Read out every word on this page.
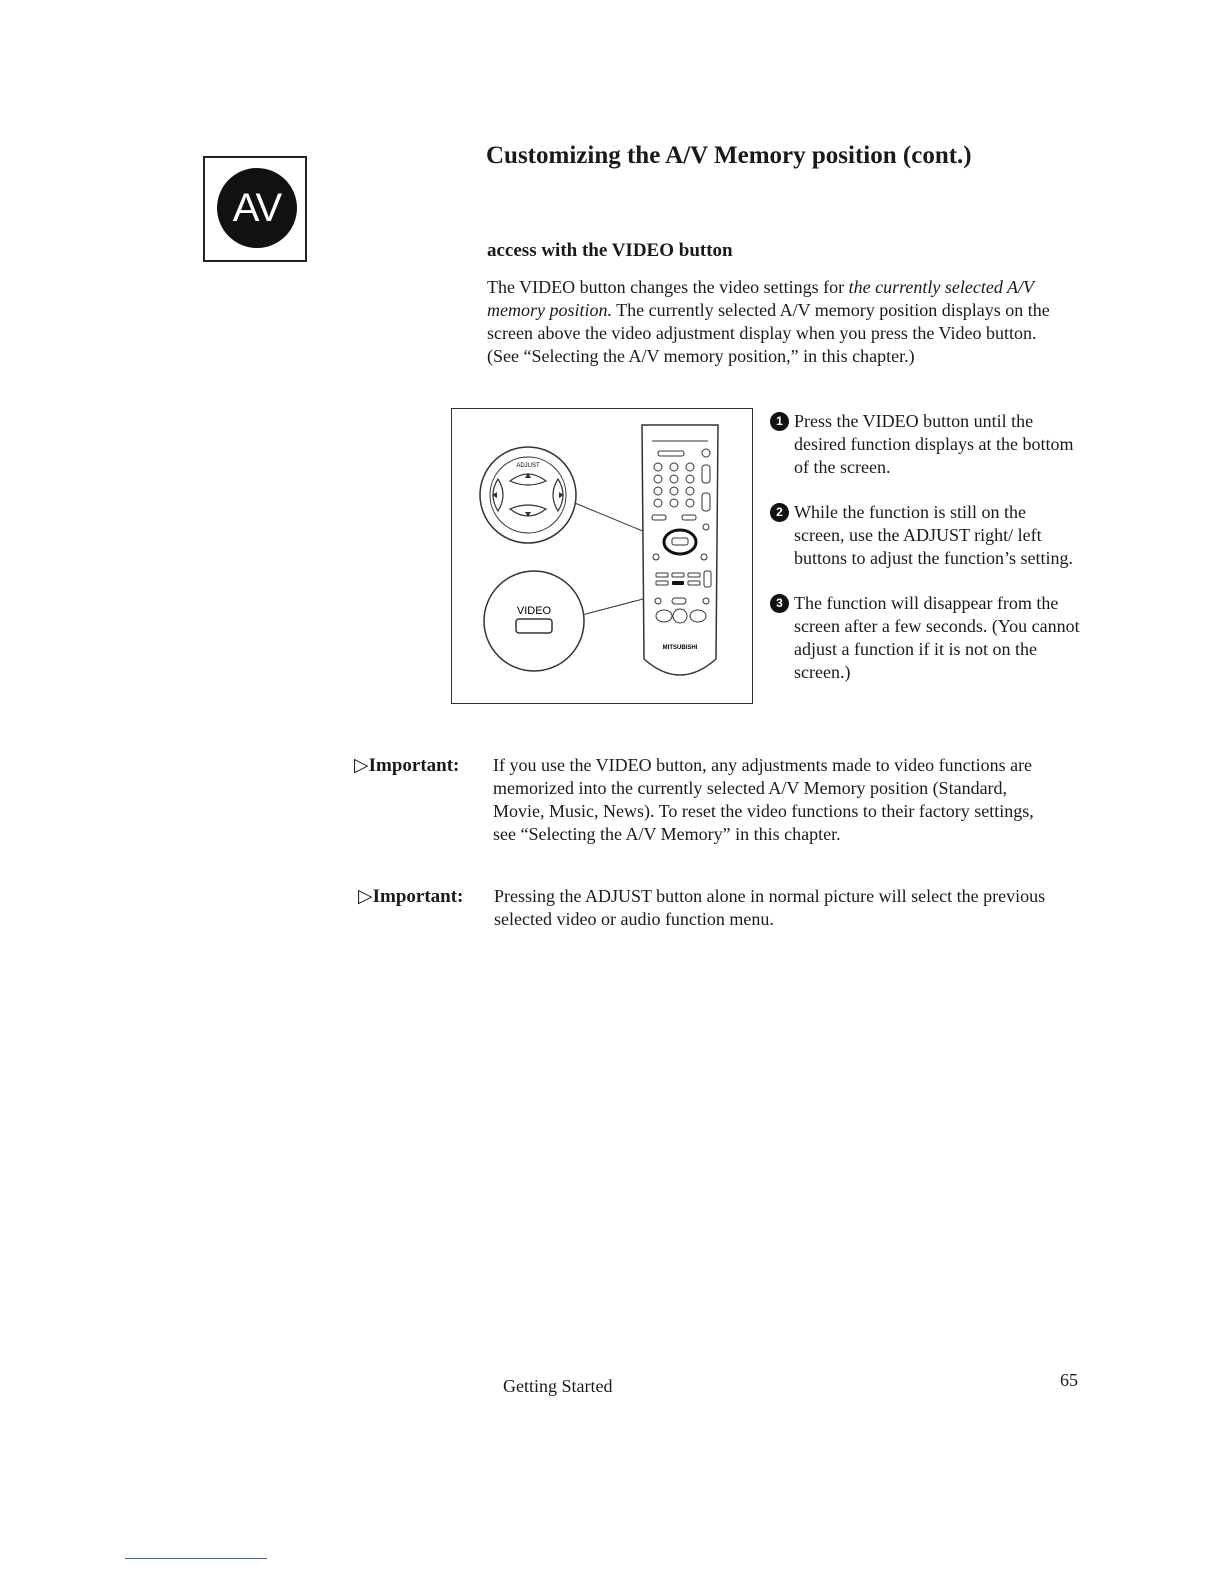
AV
Customizing the A/V Memory position (cont.)
access with the VIDEO button

The VIDEO button changes the video settings for the currently selected A/V memory position. The currently selected A/V memory position displays on the screen above the video adjustment display when you press the Video button. (See “Selecting the A/V memory position,” in this chapter.)

ADJUST
VIDEO
MITSUBISHI
1 Press the VIDEO button until the desired function displays at the bottom of the screen.
2 While the function is still on the screen, use the ADJUST right/ left buttons to adjust the function’s setting.
3 The function will disappear from the screen after a few seconds. (You cannot adjust a function if it is not on the screen.)
▷Important: If you use the VIDEO button, any adjustments made to video functions are memorized into the currently selected A/V Memory position (Standard, Movie, Music, News). To reset the video functions to their factory settings, see “Selecting the A/V Memory” in this chapter.

▷Important: Pressing the ADJUST button alone in normal picture will select the previous selected video or audio function menu.

Getting Started	65
